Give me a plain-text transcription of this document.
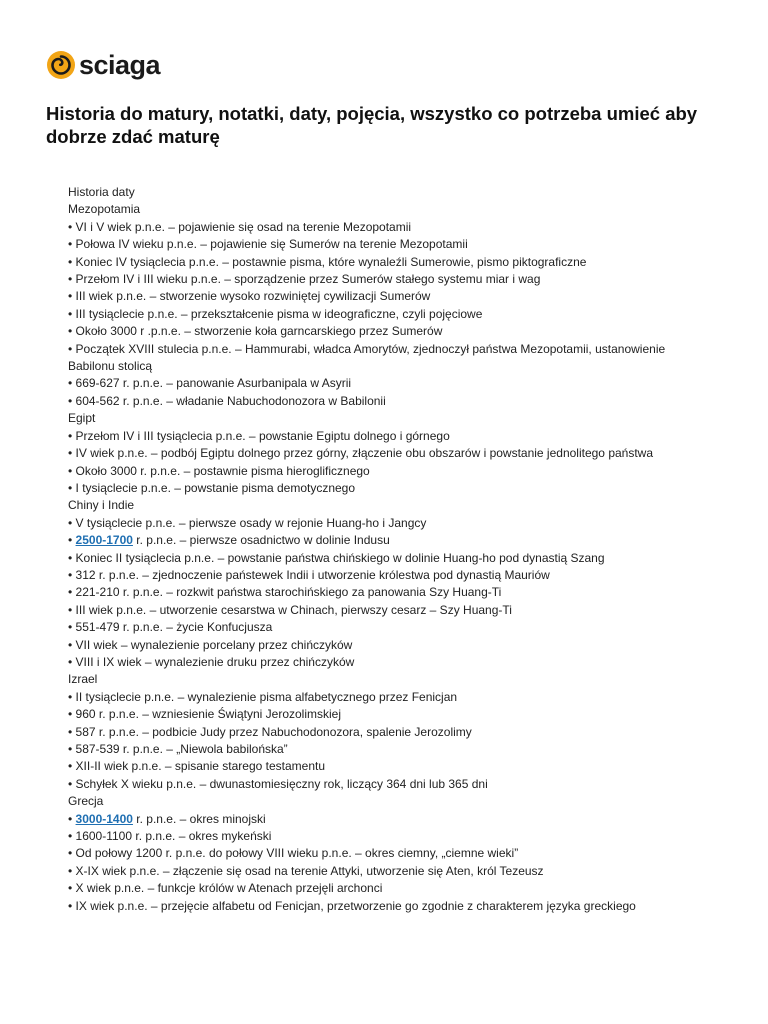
sciaga
Historia do matury, notatki, daty, pojęcia, wszystko co potrzeba umieć aby dobrze zdać maturę
Historia daty
Mezopotamia
• VI i V wiek p.n.e. – pojawienie się osad na terenie Mezopotamii
• Połowa IV wieku p.n.e. – pojawienie się Sumerów na terenie Mezopotamii
• Koniec IV tysiąclecia p.n.e. – postawnie pisma, które wynaleźli Sumerowie, pismo piktograficzne
• Przełom IV i III wieku p.n.e. – sporządzenie przez Sumerów stałego systemu miar i wag
• III wiek p.n.e. – stworzenie wysoko rozwiniętej cywilizacji Sumerów
• III tysiąclecie p.n.e. – przekształcenie pisma w ideograficzne, czyli pojęciowe
• Około 3000 r .p.n.e. – stworzenie koła garncarskiego przez Sumerów
• Początek XVIII stulecia p.n.e. – Hammurabi, władca Amorytów, zjednoczył państwa Mezopotamii, ustanowienie Babilonu stolicą
• 669-627 r. p.n.e. – panowanie Asurbanipala w Asyrii
• 604-562 r. p.n.e. – władanie Nabuchodonozora w Babilonii
Egipt
• Przełom IV i III tysiąclecia p.n.e. – powstanie Egiptu dolnego i górnego
• IV wiek p.n.e. – podbój Egiptu dolnego przez górny, złączenie obu obszarów i powstanie jednolitego państwa
• Około 3000 r. p.n.e. – postawnie pisma hieroglificznego
• I tysiąclecie p.n.e. – powstanie pisma demotycznego
Chiny i Indie
• V tysiąclecie p.n.e. – pierwsze osady w rejonie Huang-ho i Jangcy
• 2500-1700 r. p.n.e. – pierwsze osadnictwo w dolinie Indusu
• Koniec II tysiąclecia p.n.e. – powstanie państwa chińskiego w dolinie Huang-ho pod dynastią Szang
• 312 r. p.n.e. – zjednoczenie państewek Indii i utworzenie królestwa pod dynastią Mauriów
• 221-210 r. p.n.e. – rozkwit państwa starochińskiego za panowania Szy Huang-Ti
• III wiek p.n.e. – utworzenie cesarstwa w Chinach, pierwszy cesarz – Szy Huang-Ti
• 551-479 r. p.n.e. – życie Konfucjusza
• VII wiek – wynalezienie porcelany przez chińczyków
• VIII i IX wiek – wynalezienie druku przez chińczyków
Izrael
• II tysiąclecie p.n.e. – wynalezienie pisma alfabetycznego przez Fenicjan
• 960 r. p.n.e. – wzniesienie Świątyni Jerozolimskiej
• 587 r. p.n.e. – podbicie Judy przez Nabuchodonozora, spalenie Jerozolimy
• 587-539 r. p.n.e. – „Niewola babilońska”
• XII-II wiek p.n.e. – spisanie starego testamentu
• Schyłek X wieku p.n.e. – dwunastomiesięczny rok, liczący 364 dni lub 365 dni
Grecja
• 3000-1400 r. p.n.e. – okres minojski
• 1600-1100 r. p.n.e. – okres mykeński
• Od połowy 1200 r. p.n.e. do połowy VIII wieku p.n.e. – okres ciemny, „ciemne wieki”
• X-IX wiek p.n.e. – złączenie się osad na terenie Attyki, utworzenie się Aten, król Tezeusz
• X wiek p.n.e. – funkcje królów w Atenach przejęli archonci
• IX wiek p.n.e. – przejęcie alfabetu od Fenicjan, przetworzenie go zgodnie z charakterem języka greckiego
